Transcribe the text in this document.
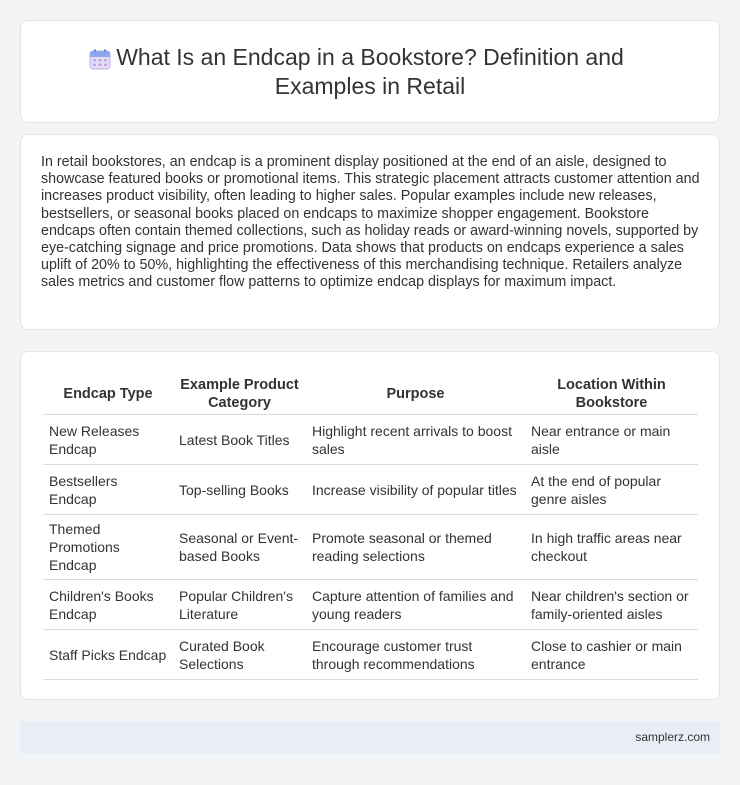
What Is an Endcap in a Bookstore? Definition and Examples in Retail

In retail bookstores, an endcap is a prominent display positioned at the end of an aisle, designed to showcase featured books or promotional items. This strategic placement attracts customer attention and increases product visibility, often leading to higher sales. Popular examples include new releases, bestsellers, or seasonal books placed on endcaps to maximize shopper engagement. Bookstore endcaps often contain themed collections, such as holiday reads or award-winning novels, supported by eye-catching signage and price promotions. Data shows that products on endcaps experience a sales uplift of 20% to 50%, highlighting the effectiveness of this merchandising technique. Retailers analyze sales metrics and customer flow patterns to optimize endcap displays for maximum impact.

Endcap Type	Example Product Category	Purpose	Location Within Bookstore
New Releases Endcap	Latest Book Titles	Highlight recent arrivals to boost sales	Near entrance or main aisle
Bestsellers Endcap	Top-selling Books	Increase visibility of popular titles	At the end of popular genre aisles
Themed Promotions Endcap	Seasonal or Event-based Books	Promote seasonal or themed reading selections	In high traffic areas near checkout
Children's Books Endcap	Popular Children's Literature	Capture attention of families and young readers	Near children's section or family-oriented aisles
Staff Picks Endcap	Curated Book Selections	Encourage customer trust through recommendations	Close to cashier or main entrance
samplerz.com
